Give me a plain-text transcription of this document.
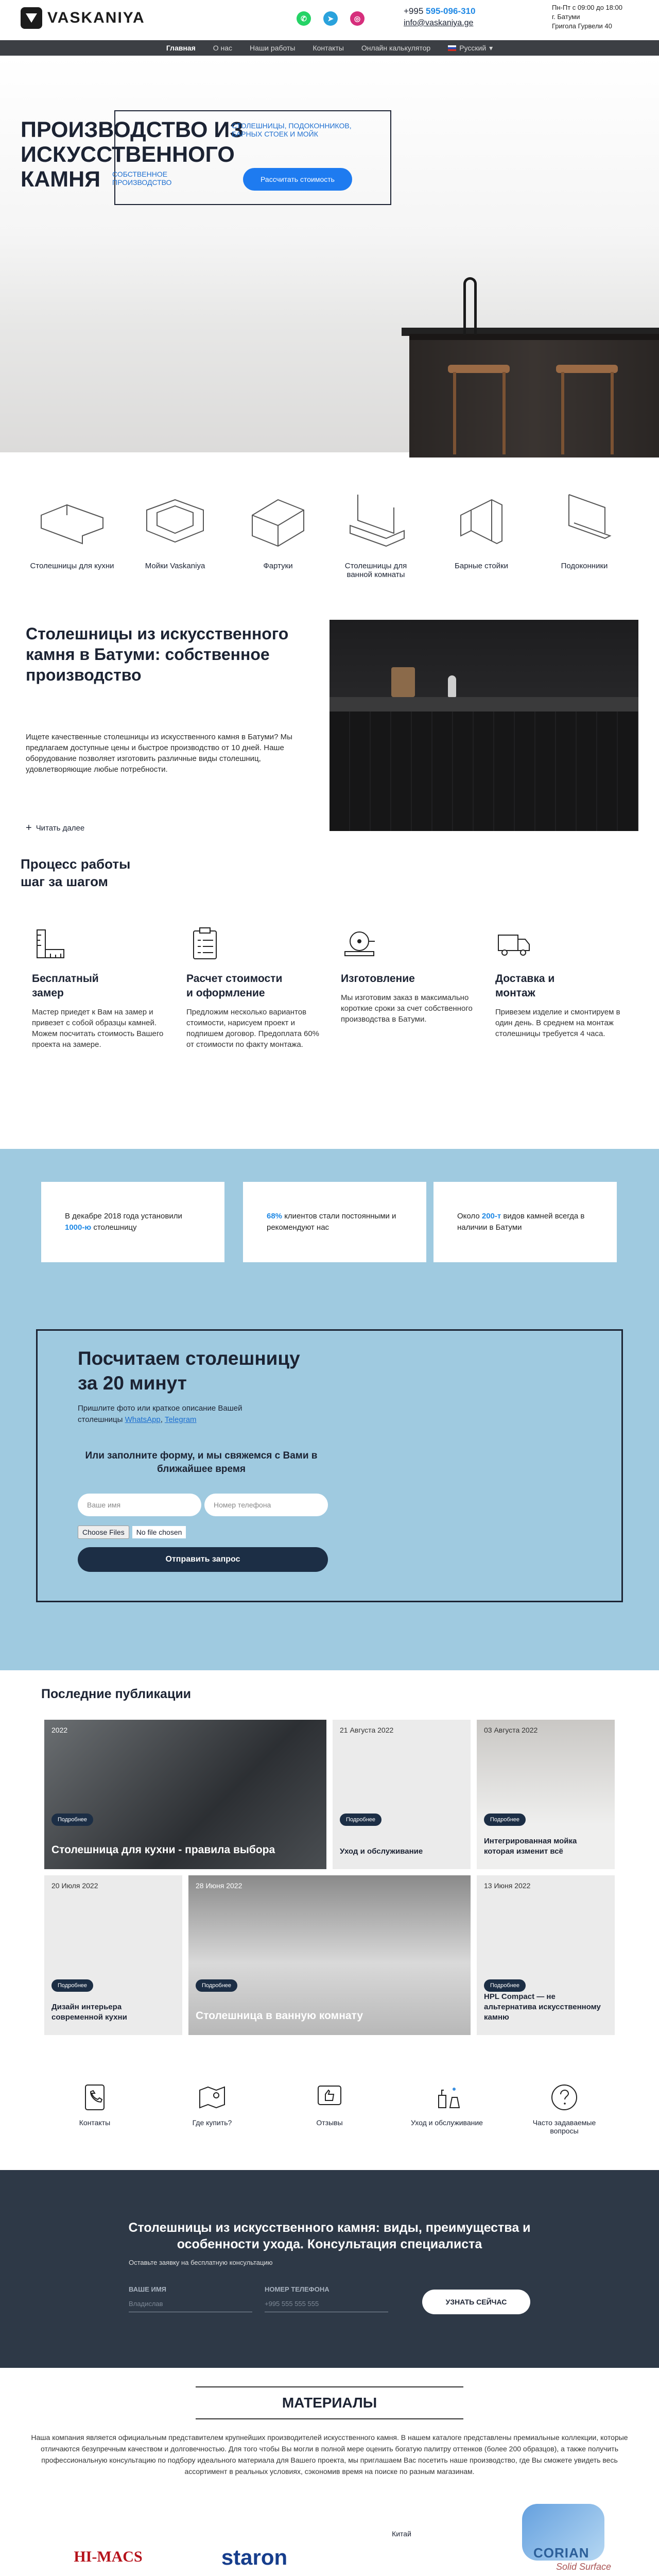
VASKANIYA	✆	➤	◎
+995 595-096-310
info@vaskaniya.ge
Пн-Пт с 09:00 до 18:00
г. Батуми
Григола Гурвели 40
Главная О нас Наши работы Контакты Онлайн калькулятор	Русский ▾
ПРОИЗВОДСТВО ИЗ ИСКУССТВЕННОГО КАМНЯ
СТОЛЕШНИЦЫ, ПОДОКОННИКОВ, БАРНЫХ СТОЕК И МОЙК
СОБСТВЕННОЕ ПРОИЗВОДСТВО	Рассчитать стоимость
Столешницы для кухни	Мойки Vaskaniya	Фартуки	Столешницы для ванной комнаты
Барные стойки	Подоконники
Столешницы из искусственного камня в Батуми: собственное производство

Ищете качественные столешницы из искусственного камня в Батуми? Мы предлагаем доступные цены и быстрое производство от 10 дней. Наше оборудование позволяет изготовить различные виды столешниц, удовлетворяющие любые потребности.

+ Читать далее
Процесс работы
шаг за шагом
Бесплатный замер
Мастер приедет к Вам на замер и привезет с собой образцы камней. Можем посчитать стоимость Вашего проекта на замере.
Расчет стоимости и оформление
Предложим несколько вариантов стоимости, нарисуем проект и подпишем договор. Предоплата 60% от стоимости по факту монтажа.
Изготовление
Мы изготовим заказ в максимально короткие сроки за счет собственного производства в Батуми.
Доставка и монтаж
Привезем изделие и смонтируем в один день. В среднем на монтаж столешницы требуется 4 часа.
В декабре 2018 года установили 1000-ю столешницу
68% клиентов стали постоянными и рекомендуют нас
Около 200-т видов камней всегда в наличии в Батуми
Посчитаем столешницу за 20 минут
Пришлите фото или краткое описание Вашей столешницы WhatsApp, Telegram
Или заполните форму, и мы свяжемся с Вами в ближайшее время
Ваше имя	Номер телефона
Choose Files	No file chosen
Отправить запрос
Последние публикации
2022
Подробнее
Столешница для кухни - правила выбора
21 Августа 2022
Подробнее
Уход и обслуживание
03 Августа 2022
Подробнее
Интегрированная мойка которая изменит всё
20 Июля 2022
Подробнее
Дизайн интерьера современной кухни
28 Июня 2022
Подробнее
Столешница в ванную комнату
13 Июня 2022
Подробнее
HPL Compact — не альтернатива искусственному камню
Контакты	Где купить?	Отзывы	Уход и обслуживание	Часто задаваемые вопросы
Столешницы из искусственного камня: виды, преимущества и особенности ухода. Консультация специалиста
Оставьте заявку на бесплатную консультацию
ВАШЕ ИМЯ
Владислав
НОМЕР ТЕЛЕФОНА
+995 555 555 555	УЗНАТЬ СЕЙЧАС
МАТЕРИАЛЫ

Наша компания является официальным представителем крупнейших производителей искусственного камня. В нашем каталоге представлены премиальные коллекции, которые отличаются безупречным качеством и долговечностью. Для того чтобы Вы могли в полной мере оценить богатую палитру оттенков (более 200 образцов), а также получить профессиональную консультацию по подбору идеального материала для Вашего проекта, мы приглашаем Вас посетить наше производство, где Вы сможете увидеть весь ассортимент в реальных условиях, сэкономив время на поиске по разным магазинам.

HI-MACS	staron
Китай
CORIAN
Solid Surface
